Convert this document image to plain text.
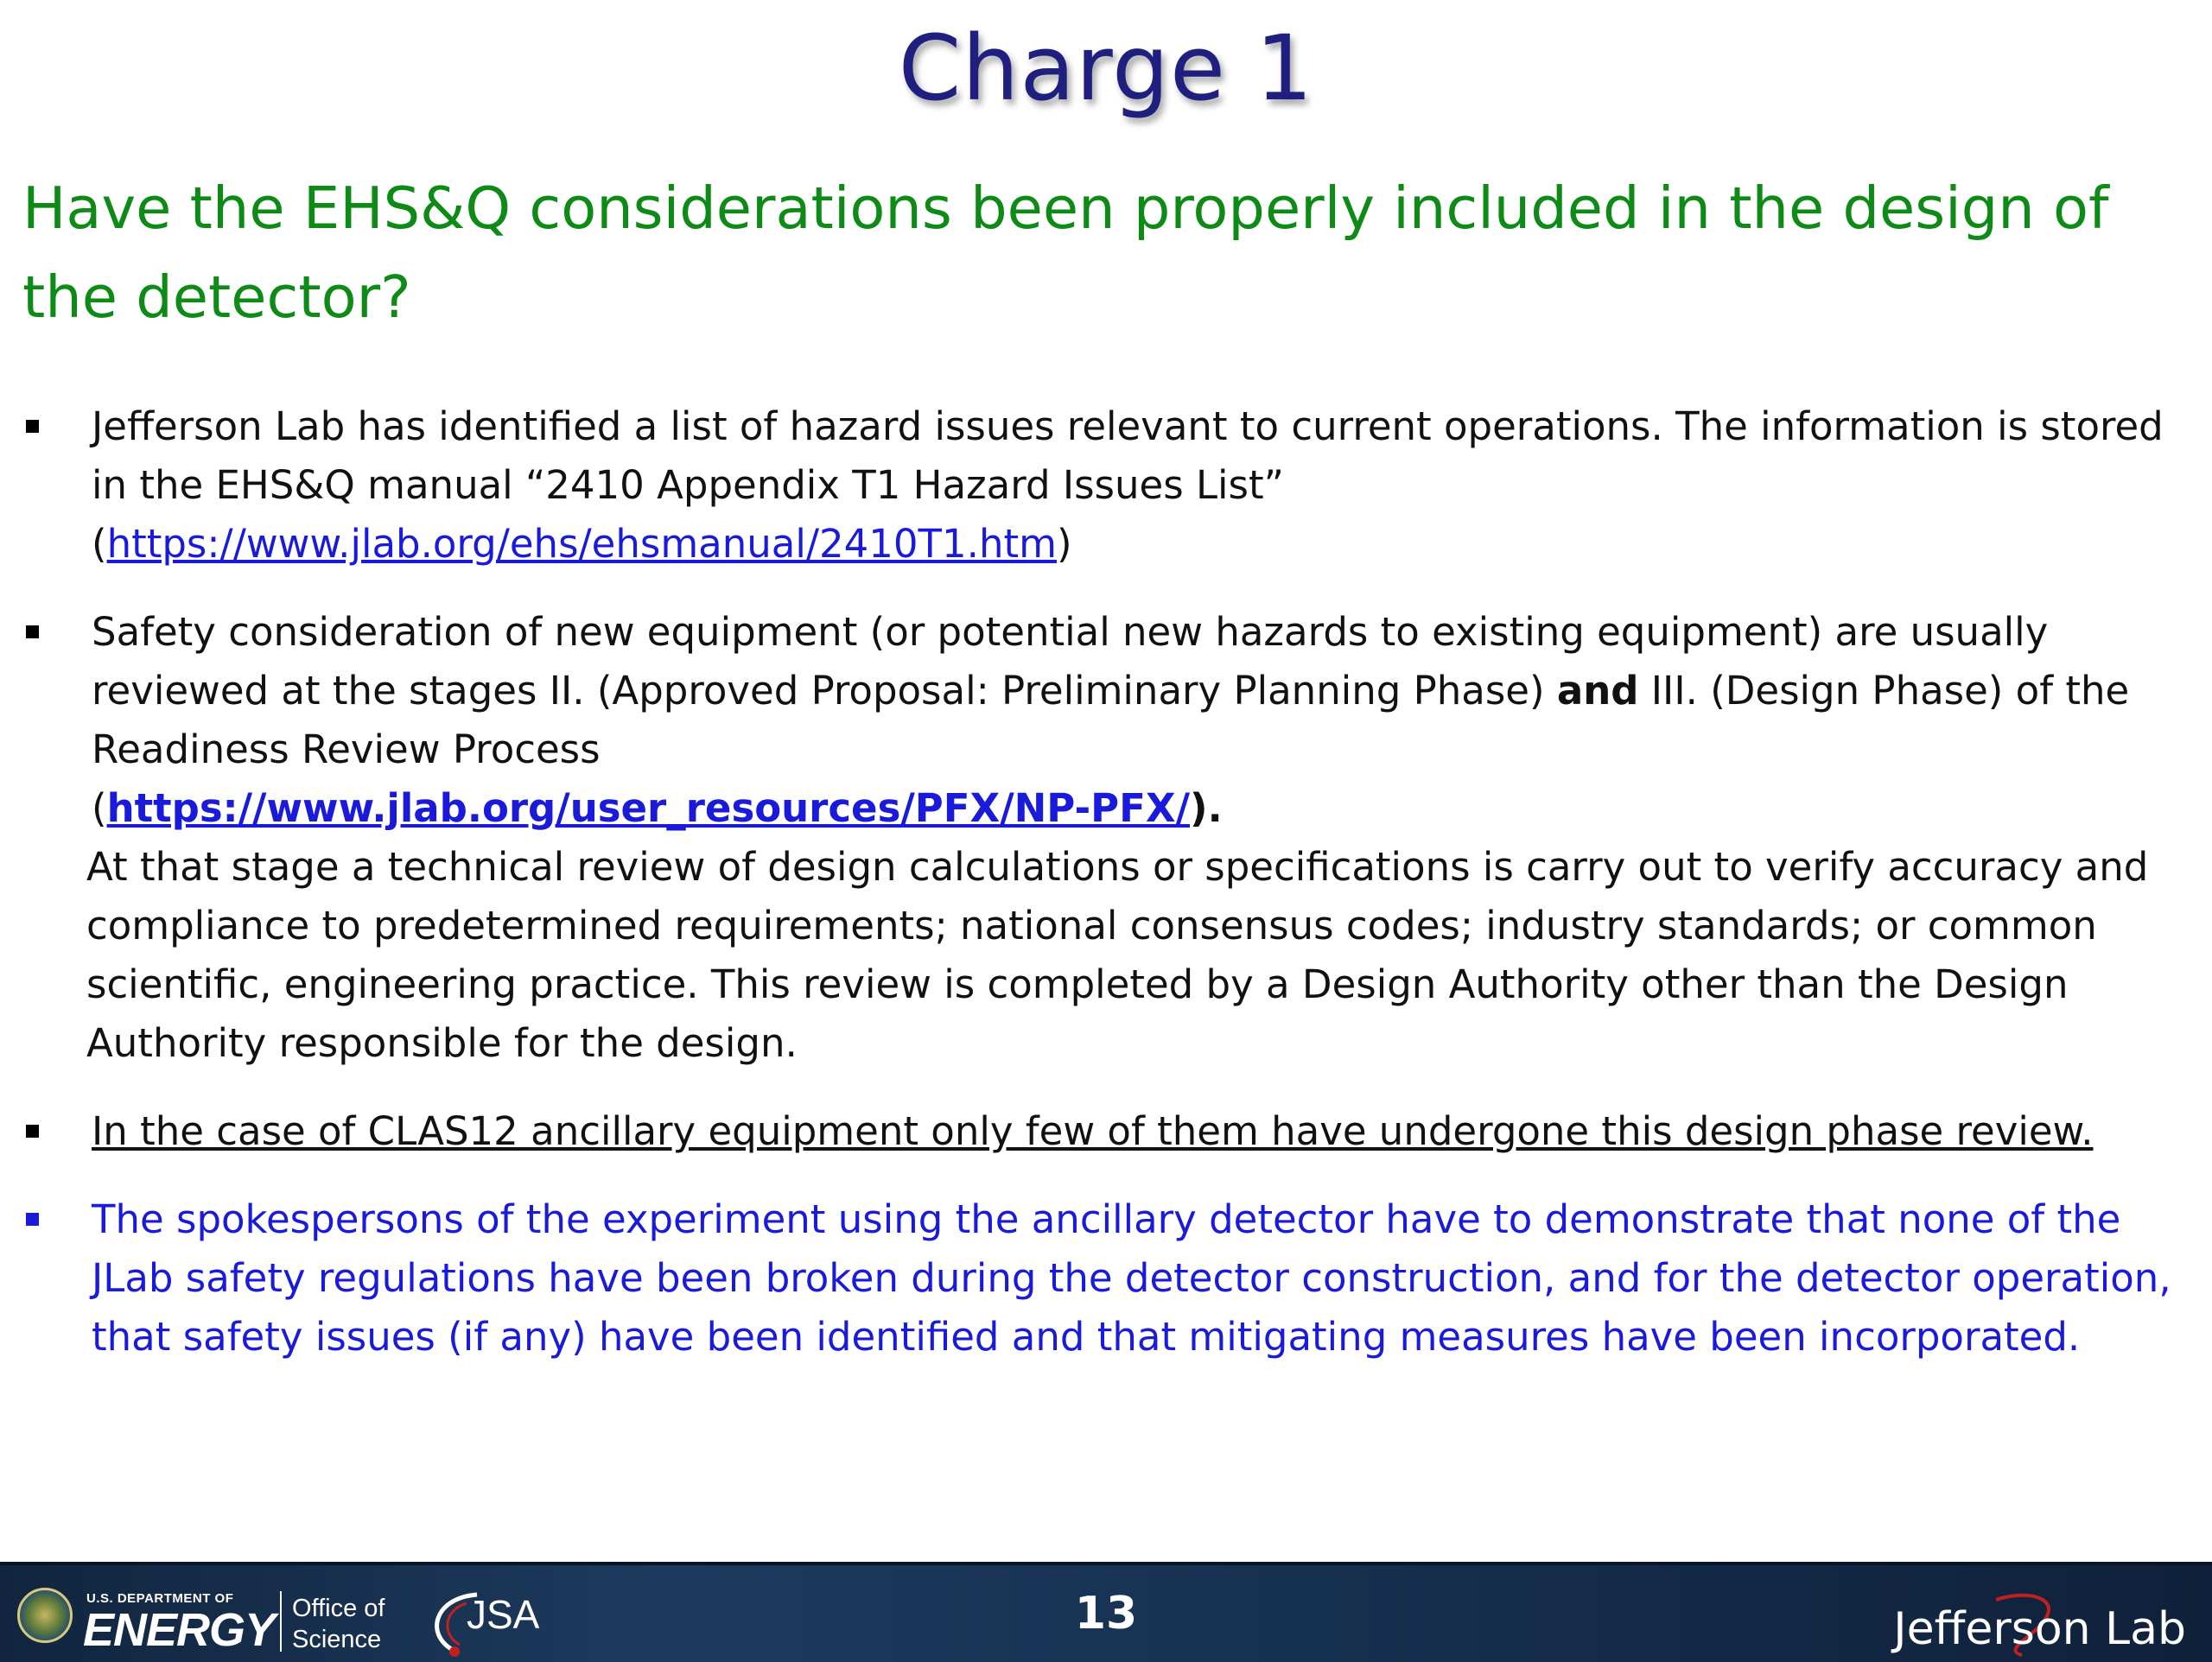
Charge 1
Have the EHS&Q considerations been properly included in the design of the detector?
Jefferson Lab has identified a list of hazard issues relevant to current operations. The information is stored in the EHS&Q manual “2410 Appendix T1 Hazard Issues List”
(https://www.jlab.org/ehs/ehsmanual/2410T1.htm)
Safety consideration of new equipment (or potential new hazards to existing equipment) are usually reviewed at the stages II. (Approved Proposal: Preliminary Planning Phase) and III. (Design Phase) of the Readiness Review Process
(https://www.jlab.org/user_resources/PFX/NP-PFX/).
At that stage a technical review of design calculations or specifications is carry out to verify accuracy and compliance to predetermined requirements; national consensus codes; industry standards; or common scientific, engineering practice. This review is completed by a Design Authority other than the Design Authority responsible for the design.
In the case of CLAS12 ancillary equipment only few of them have undergone this design phase review.
The spokespersons of the experiment using the ancillary detector have to demonstrate that none of the JLab safety regulations have been broken during the detector construction, and for the detector operation, that safety issues (if any) have been identified and that mitigating measures have been incorporated.
U.S. DEPARTMENT OF
ENERGY Office of Science
JSA	13	Jefferson Lab
